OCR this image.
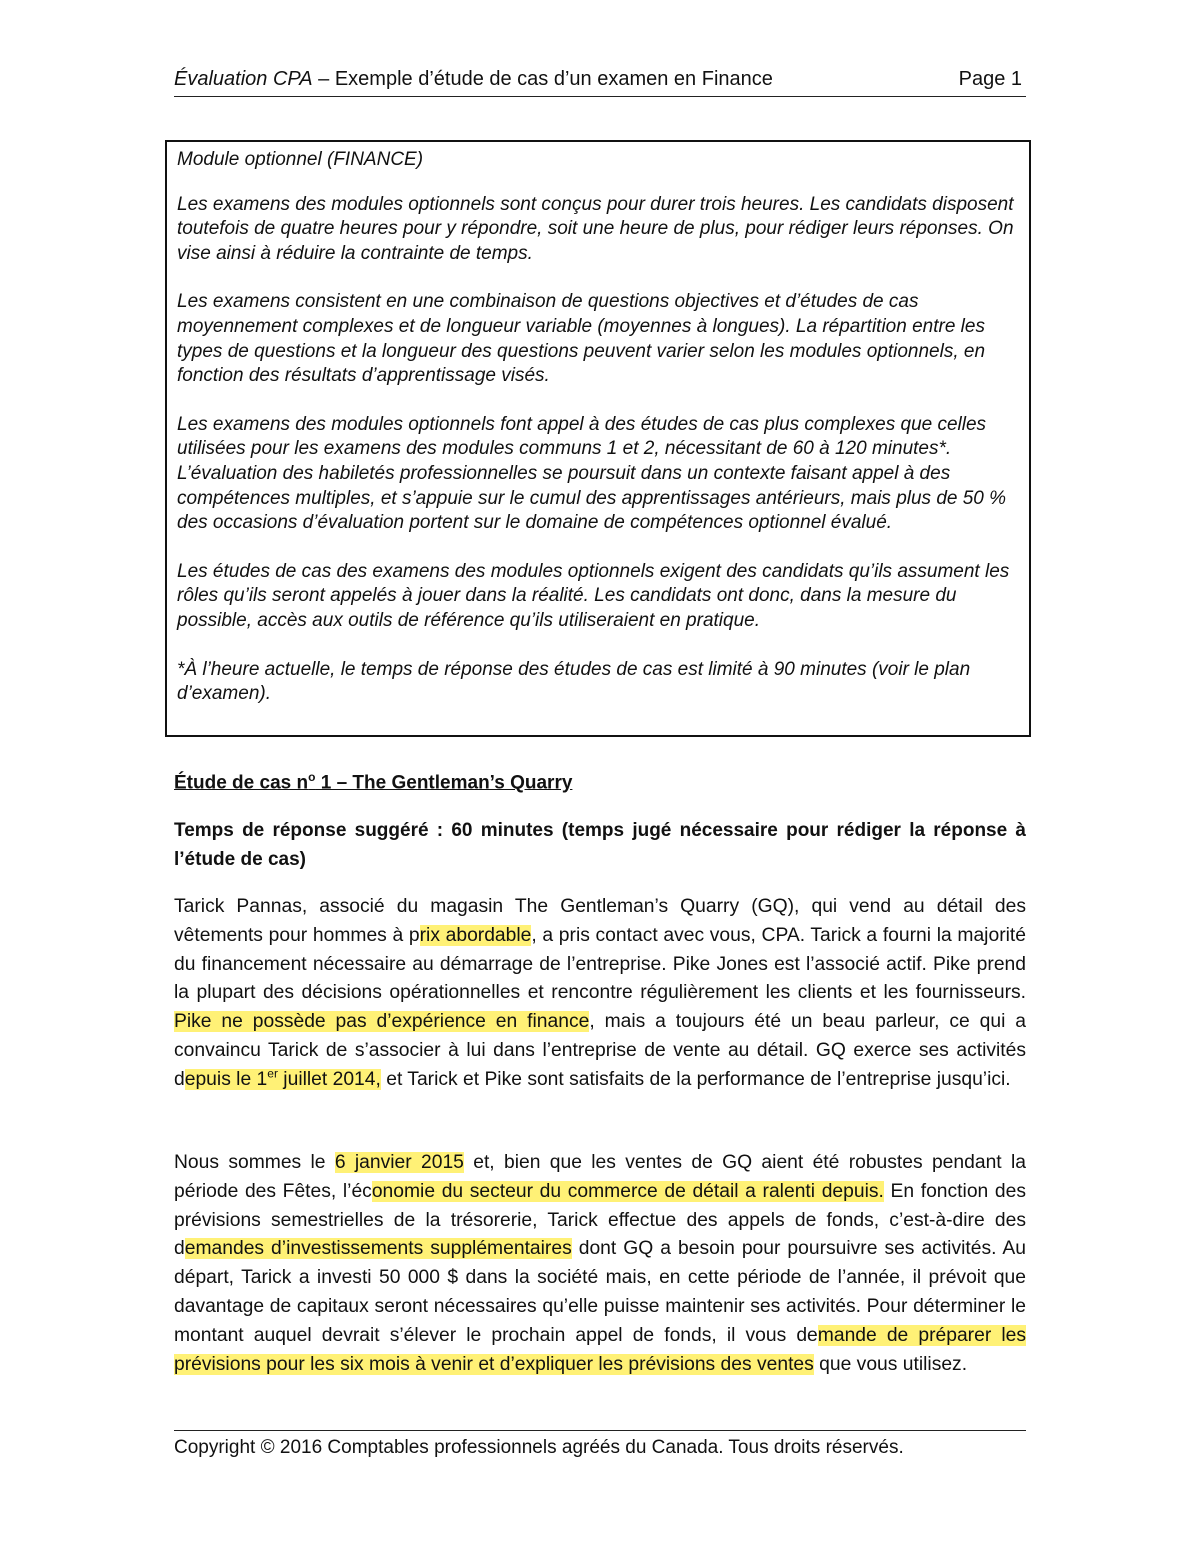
Évaluation CPA – Exemple d’étude de cas d’un examen en Finance	Page 1

Module optionnel (FINANCE)

Les examens des modules optionnels sont conçus pour durer trois heures. Les candidats disposent toutefois de quatre heures pour y répondre, soit une heure de plus, pour rédiger leurs réponses. On vise ainsi à réduire la contrainte de temps.

Les examens consistent en une combinaison de questions objectives et d’études de cas moyennement complexes et de longueur variable (moyennes à longues). La répartition entre les types de questions et la longueur des questions peuvent varier selon les modules optionnels, en fonction des résultats d’apprentissage visés.

Les examens des modules optionnels font appel à des études de cas plus complexes que celles utilisées pour les examens des modules communs 1 et 2, nécessitant de 60 à 120 minutes*. L’évaluation des habiletés professionnelles se poursuit dans un contexte faisant appel à des compétences multiples, et s’appuie sur le cumul des apprentissages antérieurs, mais plus de 50 % des occasions d’évaluation portent sur le domaine de compétences optionnel évalué.

Les études de cas des examens des modules optionnels exigent des candidats qu’ils assument les rôles qu’ils seront appelés à jouer dans la réalité. Les candidats ont donc, dans la mesure du possible, accès aux outils de référence qu’ils utiliseraient en pratique.

*À l’heure actuelle, le temps de réponse des études de cas est limité à 90 minutes (voir le plan d’examen).

Étude de cas $n^o$ 1 – The Gentleman’s Quarry
Temps de réponse suggéré : 60 minutes (temps jugé nécessaire pour rédiger la réponse à l’étude de cas)
Tarick Pannas, associé du magasin The Gentleman’s Quarry (GQ), qui vend au détail des vêtements pour hommes à prix abordable, a pris contact avec vous, CPA. Tarick a fourni la majorité du financement nécessaire au démarrage de l’entreprise. Pike Jones est l’associé actif. Pike prend la plupart des décisions opérationnelles et rencontre régulièrement les clients et les fournisseurs. Pike ne possède pas d’expérience en finance, mais a toujours été un beau parleur, ce qui a convaincu Tarick de s’associer à lui dans l’entreprise de vente au détail. GQ exerce ses activités depuis le 1er juillet 2014, et Tarick et Pike sont satisfaits de la performance de l’entreprise jusqu’ici.
Nous sommes le 6 janvier 2015 et, bien que les ventes de GQ aient été robustes pendant la période des Fêtes, l’économie du secteur du commerce de détail a ralenti depuis. En fonction des prévisions semestrielles de la trésorerie, Tarick effectue des appels de fonds, c’est-à-dire des demandes d’investissements supplémentaires dont GQ a besoin pour poursuivre ses activités. Au départ, Tarick a investi 50 000 $ dans la société mais, en cette période de l’année, il prévoit que davantage de capitaux seront nécessaires qu’elle puisse maintenir ses activités. Pour déterminer le montant auquel devrait s’élever le prochain appel de fonds, il vous demande de préparer les prévisions pour les six mois à venir et d’expliquer les prévisions des ventes que vous utilisez.
Copyright © 2016 Comptables professionnels agréés du Canada. Tous droits réservés.
